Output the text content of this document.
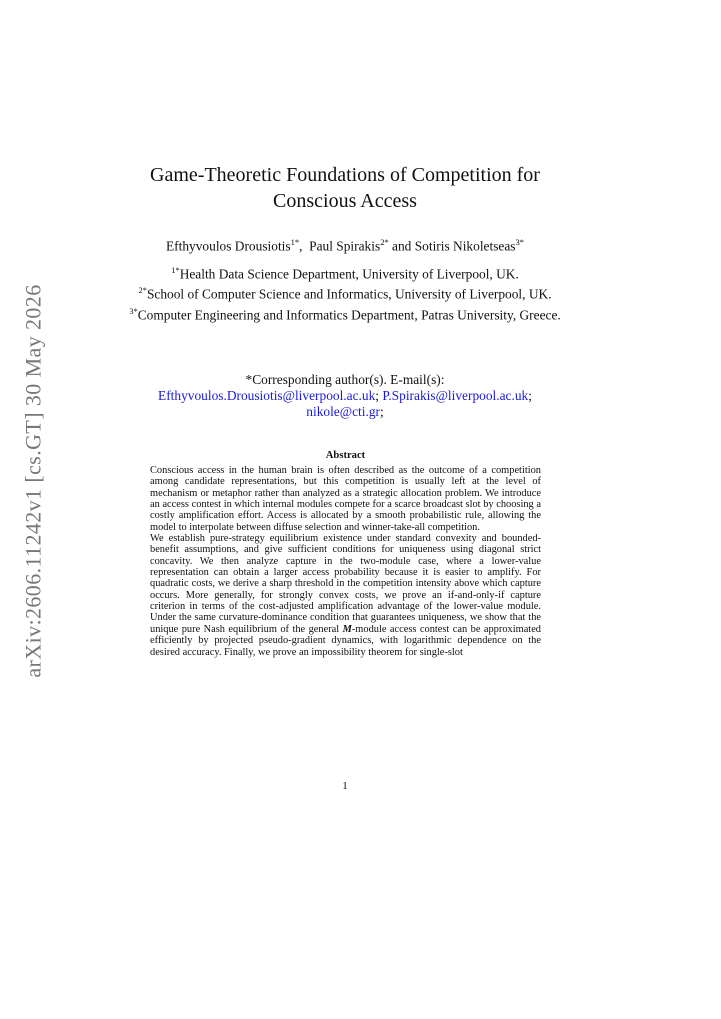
arXiv:2606.11242v1 [cs.GT] 30 May 2026
Game-Theoretic Foundations of Competition for Conscious Access
Efthyvoulos Drousiotis$^{1*}$,  Paul Spirakis$^{2*}$ and Sotiris Nikoletseas$^{3*}$
$^{1*}$Health Data Science Department, University of Liverpool, UK.
$^{2*}$School of Computer Science and Informatics, University of Liverpool, UK.
$^{3*}$Computer Engineering and Informatics Department, Patras University, Greece.
*Corresponding author(s). E-mail(s):
Efthyvoulos.Drousiotis@liverpool.ac.uk; P.Spirakis@liverpool.ac.uk;
nikole@cti.gr;
Abstract

Conscious access in the human brain is often described as the outcome of a competition among candidate representations, but this competition is usually left at the level of mechanism or metaphor rather than analyzed as a strategic allocation problem. We introduce an access contest in which internal modules compete for a scarce broadcast slot by choosing a costly amplification effort. Access is allocated by a smooth probabilistic rule, allowing the model to interpolate between diffuse selection and winner-take-all competition.

We establish pure-strategy equilibrium existence under standard convexity and bounded-benefit assumptions, and give sufficient conditions for uniqueness using diagonal strict concavity. We then analyze capture in the two-module case, where a lower-value representation can obtain a larger access probability because it is easier to amplify. For quadratic costs, we derive a sharp threshold in the competition intensity above which capture occurs. More generally, for strongly convex costs, we prove an if-and-only-if capture criterion in terms of the cost-adjusted amplification advantage of the lower-value module. Under the same curvature-dominance condition that guarantees uniqueness, we show that the unique pure Nash equilibrium of the general M-module access contest can be approximated efficiently by projected pseudo-gradient dynamics, with logarithmic dependence on the desired accuracy. Finally, we prove an impossibility theorem for single-slot

1
